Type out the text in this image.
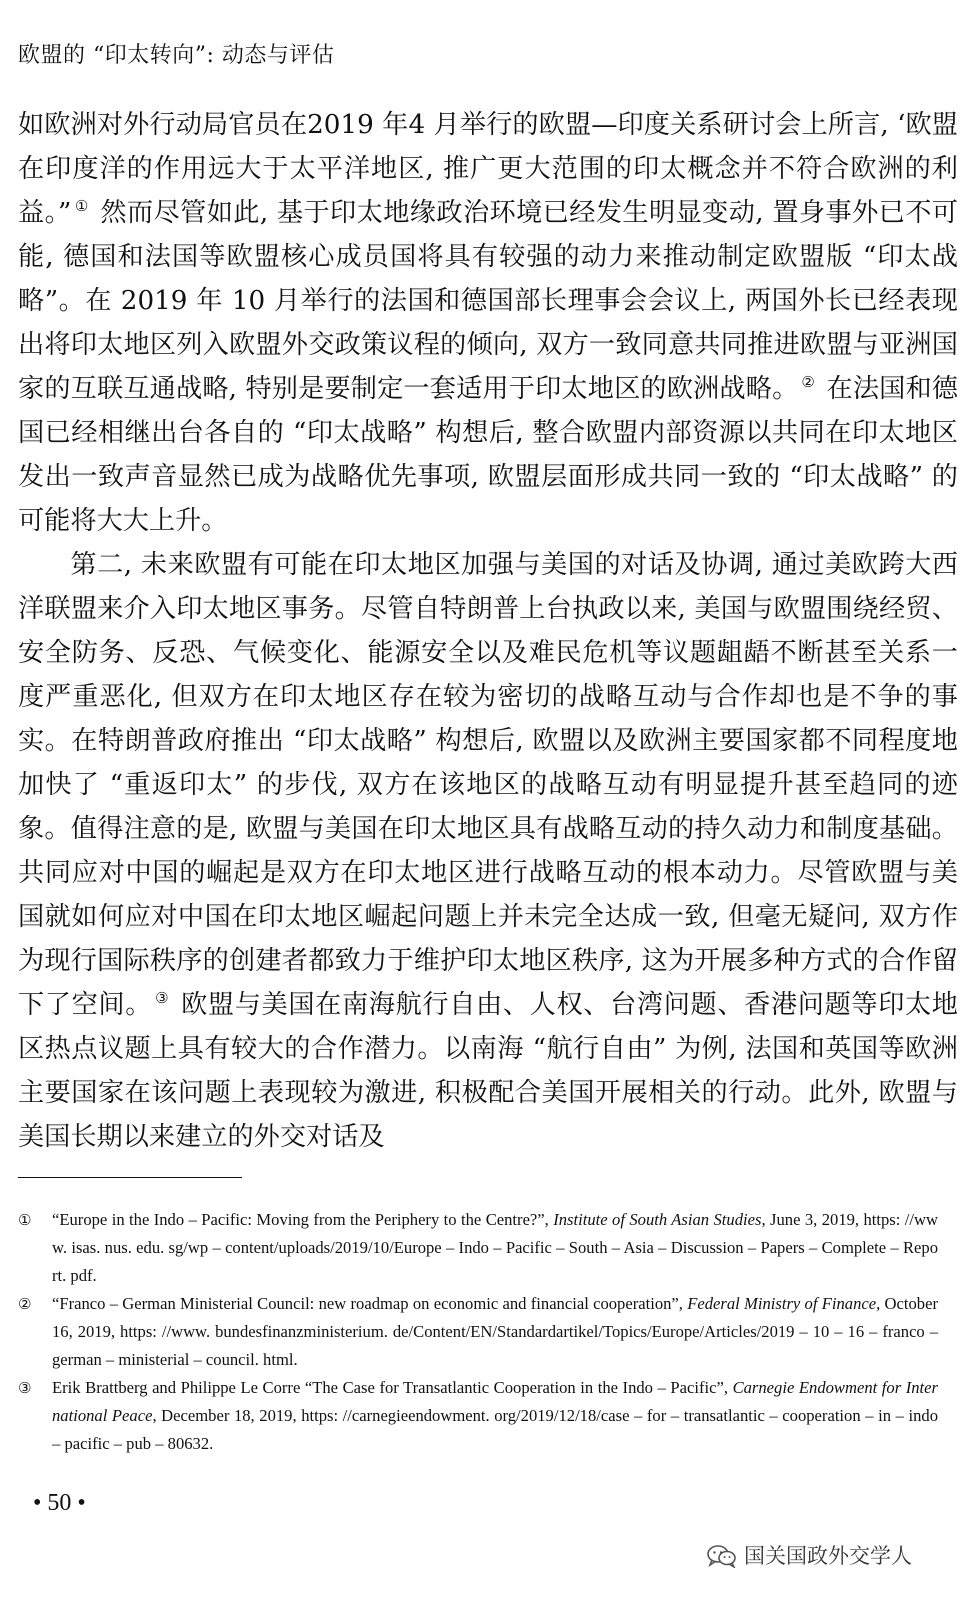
欧盟的 “印太转向”: 动态与评估

如欧洲对外行动局官员在2019 年4 月举行的欧盟—印度关系研讨会上所言, ‘欧盟在印度洋的作用远大于太平洋地区, 推广更大范围的印太概念并不符合欧洲的利益。” ① 然而尽管如此, 基于印太地缘政治环境已经发生明显变动, 置身事外已不可能, 德国和法国等欧盟核心成员国将具有较强的动力来推动制定欧盟版 “印太战略”。在 2019 年 10 月举行的法国和德国部长理事会会议上, 两国外长已经表现出将印太地区列入欧盟外交政策议程的倾向, 双方一致同意共同推进欧盟与亚洲国家的互联互通战略, 特别是要制定一套适用于印太地区的欧洲战略。 ② 在法国和德国已经相继出台各自的 “印太战略” 构想后, 整合欧盟内部资源以共同在印太地区发出一致声音显然已成为战略优先事项, 欧盟层面形成共同一致的 “印太战略” 的可能将大大上升。

第二, 未来欧盟有可能在印太地区加强与美国的对话及协调, 通过美欧跨大西洋联盟来介入印太地区事务。尽管自特朗普上台执政以来, 美国与欧盟围绕经贸、安全防务、反恐、气候变化、能源安全以及难民危机等议题龃龉不断甚至关系一度严重恶化, 但双方在印太地区存在较为密切的战略互动与合作却也是不争的事实。在特朗普政府推出 “印太战略” 构想后, 欧盟以及欧洲主要国家都不同程度地加快了 “重返印太” 的步伐, 双方在该地区的战略互动有明显提升甚至趋同的迹象。值得注意的是, 欧盟与美国在印太地区具有战略互动的持久动力和制度基础。共同应对中国的崛起是双方在印太地区进行战略互动的根本动力。尽管欧盟与美国就如何应对中国在印太地区崛起问题上并未完全达成一致, 但毫无疑问, 双方作为现行国际秩序的创建者都致力于维护印太地区秩序, 这为开展多种方式的合作留下了空间。 ③ 欧盟与美国在南海航行自由、人权、台湾问题、香港问题等印太地区热点议题上具有较大的合作潜力。以南海 “航行自由” 为例, 法国和英国等欧洲主要国家在该问题上表现较为激进, 积极配合美国开展相关的行动。此外, 欧盟与美国长期以来建立的外交对话及

①	“Europe in the Indo – Pacific: Moving from the Periphery to the Centre?”, Institute of South Asian Studies, June 3, 2019, https: //www. isas. nus. edu. sg/wp – content/uploads/2019/10/Europe – Indo – Pacific – South – Asia – Discussion – Papers – Complete – Report. pdf.
②	“Franco – German Ministerial Council: new roadmap on economic and financial cooperation”, Federal Ministry of Finance, October 16, 2019, https: //www. bundesfinanzministerium. de/Content/EN/Standardartikel/Topics/Europe/Articles/2019 – 10 – 16 – franco – german – ministerial – council. html.
③	Erik Brattberg and Philippe Le Corre “The Case for Transatlantic Cooperation in the Indo – Pacific”, Carnegie Endowment for International Peace, December 18, 2019, https: //carnegieendowment. org/2019/12/18/case – for – transatlantic – cooperation – in – indo – pacific – pub – 80632.
• 50 •
国关国政外交学人
